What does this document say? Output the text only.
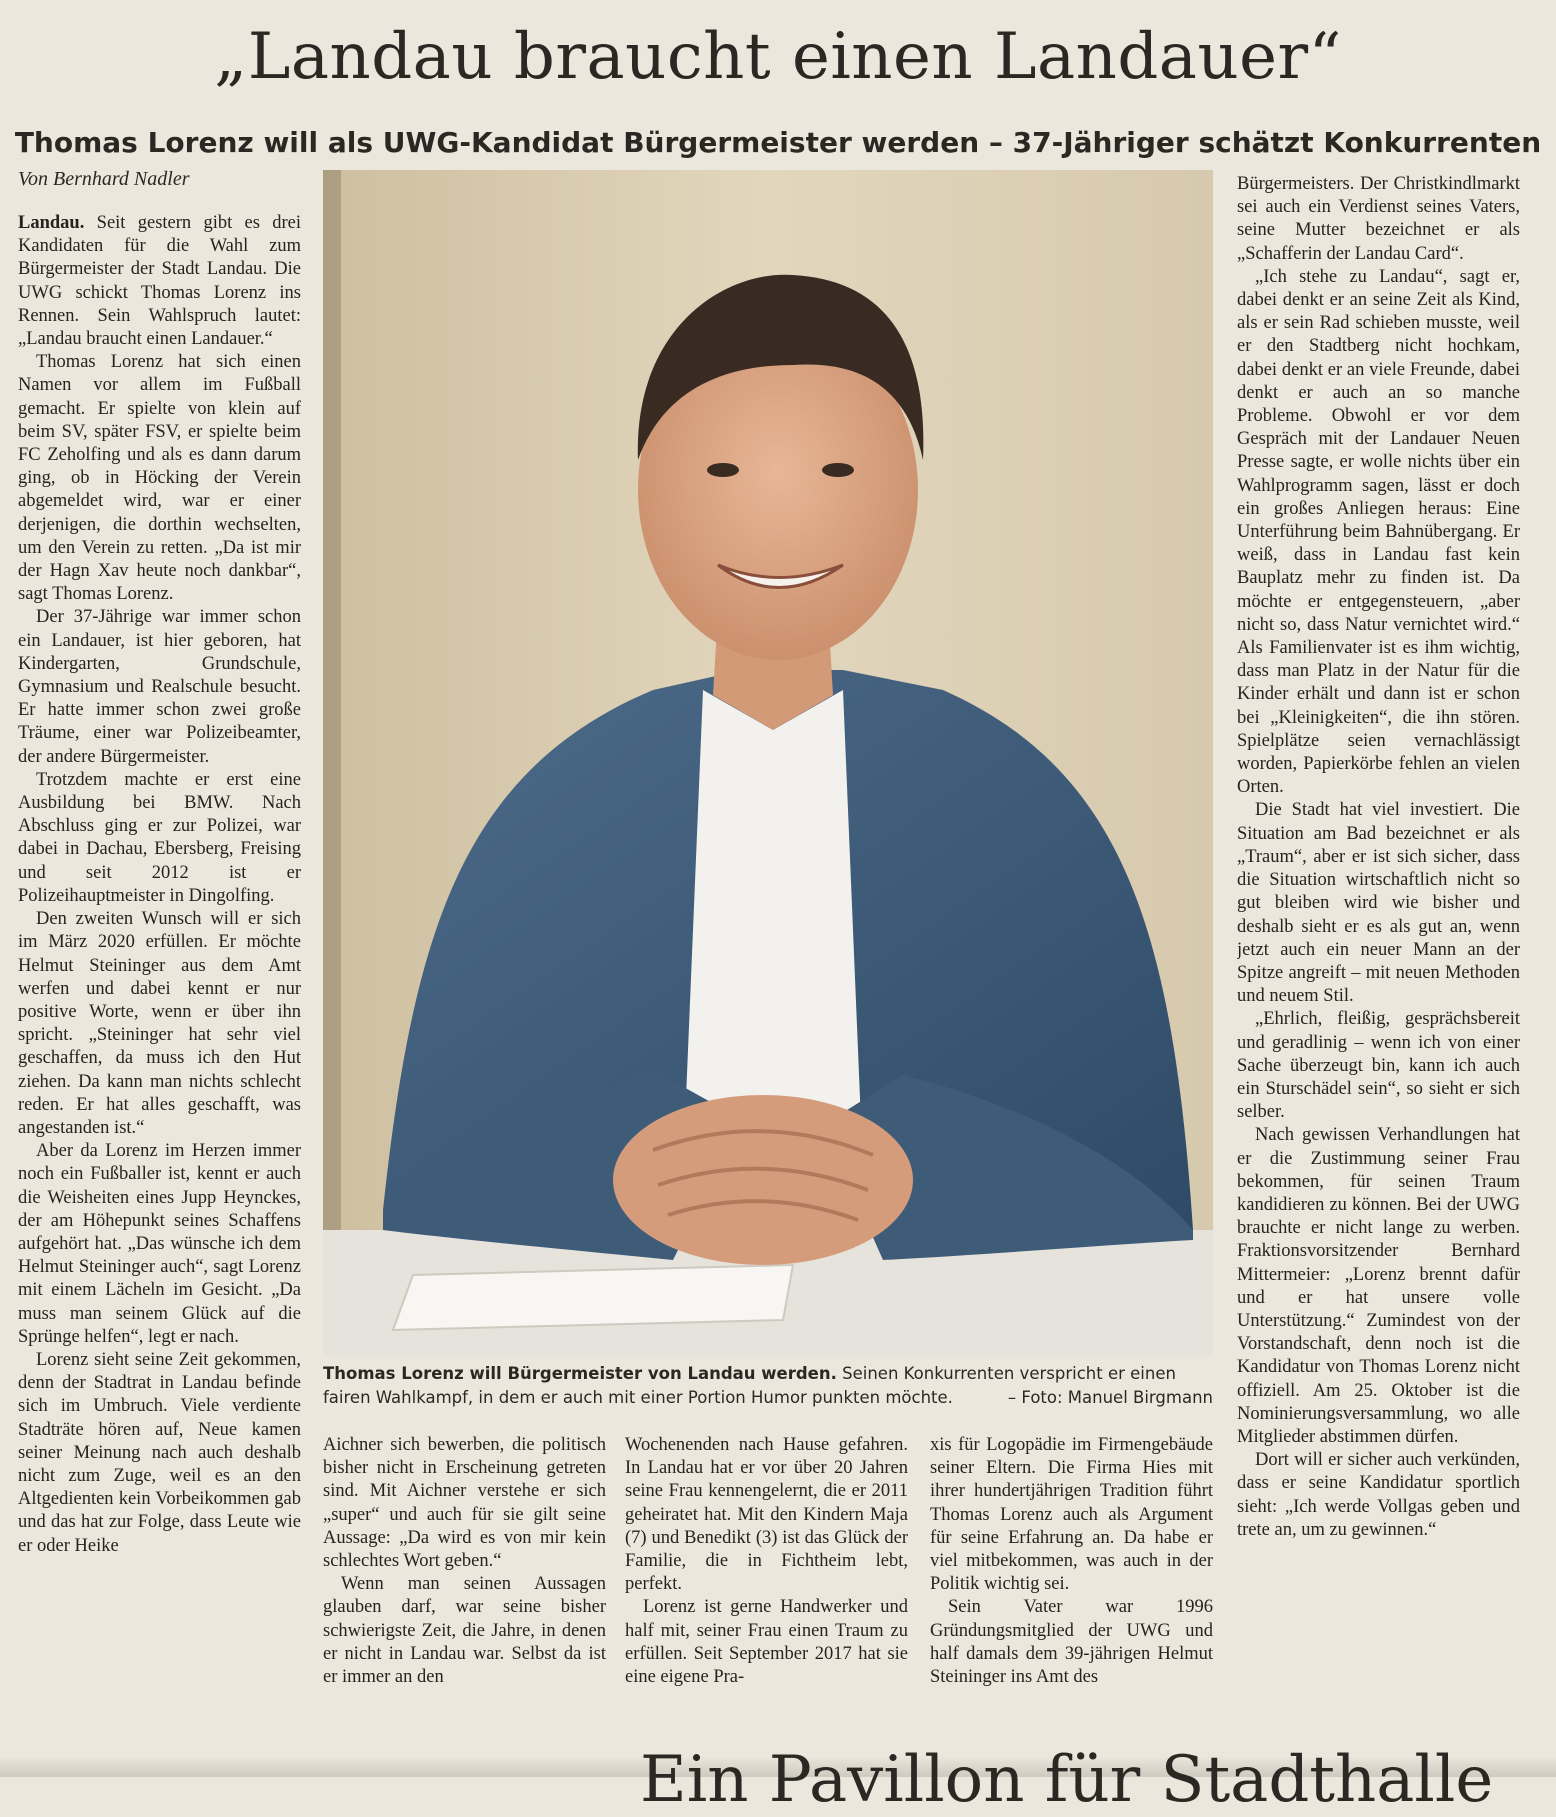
„Landau braucht einen Landauer“
Thomas Lorenz will als UWG-Kandidat Bürgermeister werden – 37-Jähriger schätzt Konkurrenten
Von Bernhard Nadler

Landau. Seit gestern gibt es drei Kandidaten für die Wahl zum Bürgermeister der Stadt Landau. Die UWG schickt Thomas Lorenz ins Rennen. Sein Wahlspruch lautet: „Landau braucht einen Landauer.“

Thomas Lorenz hat sich einen Namen vor allem im Fußball gemacht. Er spielte von klein auf beim SV, später FSV, er spielte beim FC Zeholfing und als es dann darum ging, ob in Höcking der Verein abgemeldet wird, war er einer derjenigen, die dorthin wechselten, um den Verein zu retten. „Da ist mir der Hagn Xav heute noch dankbar“, sagt Thomas Lorenz.

Der 37-Jährige war immer schon ein Landauer, ist hier geboren, hat Kindergarten, Grundschule, Gymnasium und Realschule besucht. Er hatte immer schon zwei große Träume, einer war Polizeibeamter, der andere Bürgermeister.

Trotzdem machte er erst eine Ausbildung bei BMW. Nach Abschluss ging er zur Polizei, war dabei in Dachau, Ebersberg, Freising und seit 2012 ist er Polizeihauptmeister in Dingolfing.

Den zweiten Wunsch will er sich im März 2020 erfüllen. Er möchte Helmut Steininger aus dem Amt werfen und dabei kennt er nur positive Worte, wenn er über ihn spricht. „Steininger hat sehr viel geschaffen, da muss ich den Hut ziehen. Da kann man nichts schlecht reden. Er hat alles geschafft, was angestanden ist.“

Aber da Lorenz im Herzen immer noch ein Fußballer ist, kennt er auch die Weisheiten eines Jupp Heynckes, der am Höhepunkt seines Schaffens aufgehört hat. „Das wünsche ich dem Helmut Steininger auch“, sagt Lorenz mit einem Lächeln im Gesicht. „Da muss man seinem Glück auf die Sprünge helfen“, legt er nach.

Lorenz sieht seine Zeit gekommen, denn der Stadtrat in Landau befinde sich im Umbruch. Viele verdiente Stadträte hören auf, Neue kamen seiner Meinung nach auch deshalb nicht zum Zuge, weil es an den Altgedienten kein Vorbeikommen gab und das hat zur Folge, dass Leute wie er oder Heike

Thomas Lorenz will Bürgermeister von Landau werden. Seinen Konkurrenten verspricht er einen fairen Wahlkampf, in dem er auch mit einer Portion Humor punkten möchte.	– Foto: Manuel Birgmann

Aichner sich bewerben, die politisch bisher nicht in Erscheinung getreten sind. Mit Aichner verstehe er sich „super“ und auch für sie gilt seine Aussage: „Da wird es von mir kein schlechtes Wort geben.“

Wenn man seinen Aussagen glauben darf, war seine bisher schwierigste Zeit, die Jahre, in denen er nicht in Landau war. Selbst da ist er immer an den

Wochenenden nach Hause gefahren. In Landau hat er vor über 20 Jahren seine Frau kennengelernt, die er 2011 geheiratet hat. Mit den Kindern Maja (7) und Benedikt (3) ist das Glück der Familie, die in Fichtheim lebt, perfekt.

Lorenz ist gerne Handwerker und half mit, seiner Frau einen Traum zu erfüllen. Seit September 2017 hat sie eine eigene Pra-

xis für Logopädie im Firmengebäude seiner Eltern. Die Firma Hies mit ihrer hundertjährigen Tradition führt Thomas Lorenz auch als Argument für seine Erfahrung an. Da habe er viel mitbekommen, was auch in der Politik wichtig sei.

Sein Vater war 1996 Gründungsmitglied der UWG und half damals dem 39-jährigen Helmut Steininger ins Amt des

Bürgermeisters. Der Christkindlmarkt sei auch ein Verdienst seines Vaters, seine Mutter bezeichnet er als „Schafferin der Landau Card“.

„Ich stehe zu Landau“, sagt er, dabei denkt er an seine Zeit als Kind, als er sein Rad schieben musste, weil er den Stadtberg nicht hochkam, dabei denkt er an viele Freunde, dabei denkt er auch an so manche Probleme. Obwohl er vor dem Gespräch mit der Landauer Neuen Presse sagte, er wolle nichts über ein Wahlprogramm sagen, lässt er doch ein großes Anliegen heraus: Eine Unterführung beim Bahnübergang. Er weiß, dass in Landau fast kein Bauplatz mehr zu finden ist. Da möchte er entgegensteuern, „aber nicht so, dass Natur vernichtet wird.“ Als Familienvater ist es ihm wichtig, dass man Platz in der Natur für die Kinder erhält und dann ist er schon bei „Kleinigkeiten“, die ihn stören. Spielplätze seien vernachlässigt worden, Papierkörbe fehlen an vielen Orten.

Die Stadt hat viel investiert. Die Situation am Bad bezeichnet er als „Traum“, aber er ist sich sicher, dass die Situation wirtschaftlich nicht so gut bleiben wird wie bisher und deshalb sieht er es als gut an, wenn jetzt auch ein neuer Mann an der Spitze angreift – mit neuen Methoden und neuem Stil.

„Ehrlich, fleißig, gesprächsbereit und geradlinig – wenn ich von einer Sache überzeugt bin, kann ich auch ein Sturschädel sein“, so sieht er sich selber.

Nach gewissen Verhandlungen hat er die Zustimmung seiner Frau bekommen, für seinen Traum kandidieren zu können. Bei der UWG brauchte er nicht lange zu werben. Fraktionsvorsitzender Bernhard Mittermeier: „Lorenz brennt dafür und er hat unsere volle Unterstützung.“ Zumindest von der Vorstandschaft, denn noch ist die Kandidatur von Thomas Lorenz nicht offiziell. Am 25. Oktober ist die Nominierungsversammlung, wo alle Mitglieder abstimmen dürfen.

Dort will er sicher auch verkünden, dass er seine Kandidatur sportlich sieht: „Ich werde Vollgas geben und trete an, um zu gewinnen.“

Ein Pavillon für Stadthalle
